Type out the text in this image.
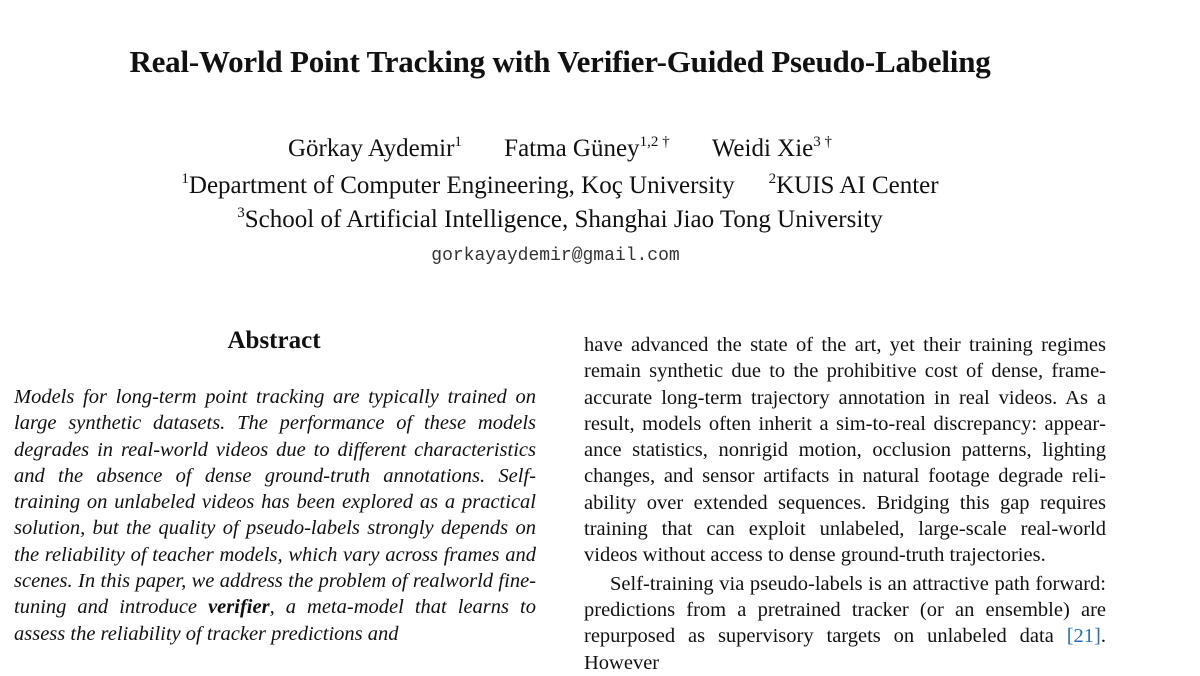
Real-World Point Tracking with Verifier-Guided Pseudo-Labeling
Görkay Aydemir$^1$ Fatma Güney$^{1,2 \dagger}$ Weidi Xie$^{3 \dagger}$
$^1$Department of Computer Engineering, Koç University $^2$KUIS AI Center
$^3$School of Artificial Intelligence, Shanghai Jiao Tong University
gorkayaydemir@gmail.com
Abstract

Models for long-term point tracking are typically trained on large synthetic datasets. The performance of these models degrades in real-world videos due to different characteristics and the absence of dense ground-truth annotations. Selftraining on unlabeled videos has been explored as a practical solution, but the quality of pseudo-labels strongly depends on the reliability of teacher models, which vary across frames and scenes. In this paper, we address the problem of realworld fine-tuning and introduce verifier, a meta-model that learns to assess the reliability of tracker predictions and

have advanced the state of the art, yet their training regimes remain synthetic due to the prohibitive cost of dense, frame-accurate long-term trajectory annotation in real videos. As a result, models often inherit a sim-to-real discrepancy: appearance statistics, nonrigid motion, occlusion patterns, lighting changes, and sensor artifacts in natural footage degrade reliability over extended sequences. Bridging this gap requires training that can exploit unlabeled, large-scale real-world videos without access to dense ground-truth trajectories.

Self-training via pseudo-labels is an attractive path forward: predictions from a pretrained tracker (or an ensemble) are repurposed as supervisory targets on unlabeled data [21]. However
